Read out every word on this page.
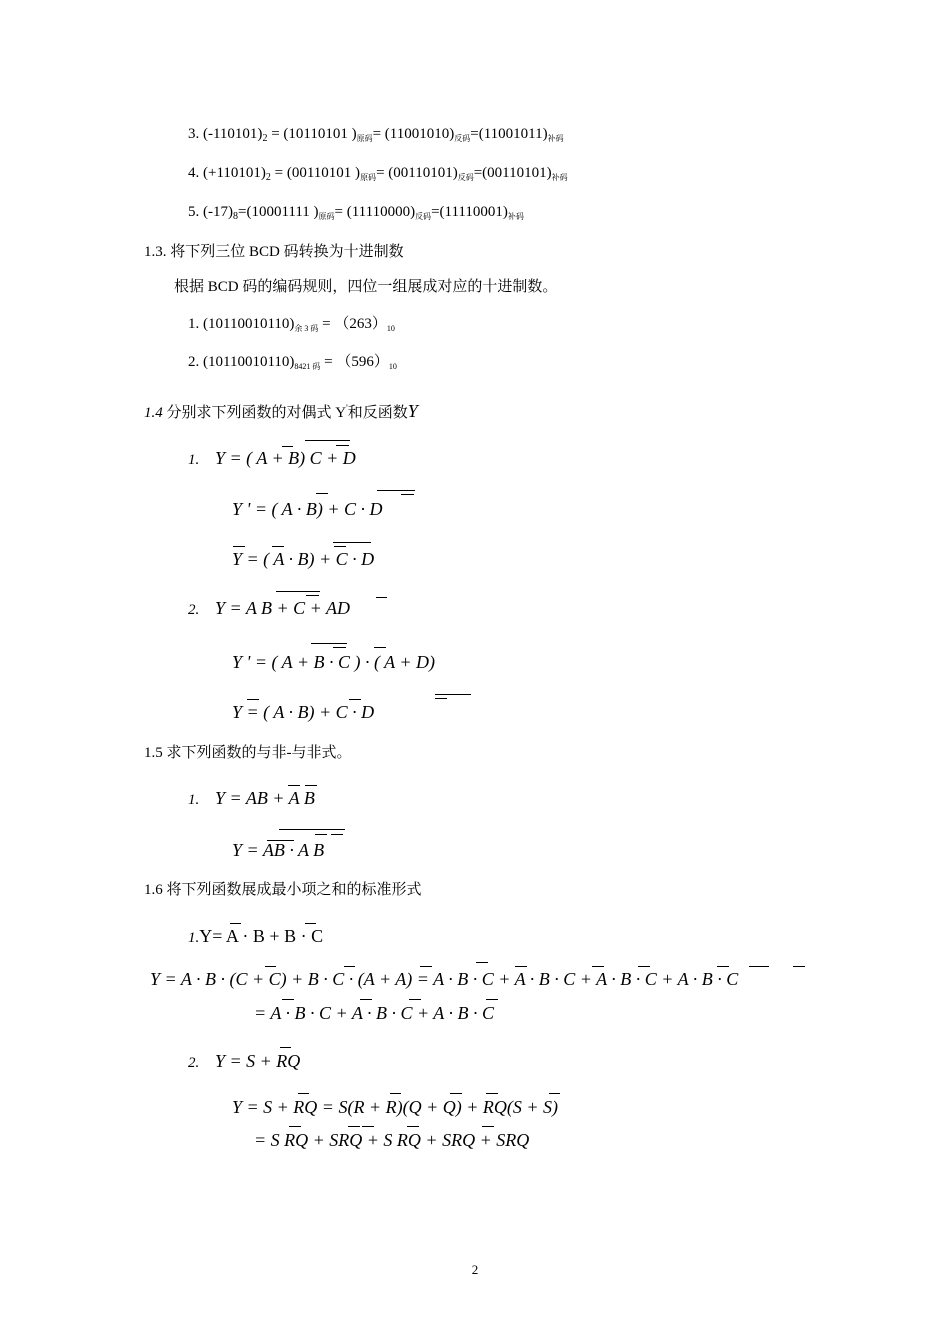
3. $(-110101)_2 = (10110101$ )$_{原码}= (11001010)_{反码}=(11001011)_{补码}$
4. $(+110101)_2 = (00110101$ )$_{原码}= (00110101)_{反码}=(00110101)_{补码}$
5. $(-17)_8=(10001111$ )$_{原码}= (11110000)_{反码}=(11110001)_{补码}$
1.3. 将下列三位 BCD 码转换为十进制数
根据 BCD 码的编码规则，四位一组展成对应的十进制数。
1. $(10110010110)_{余 3 码} = (263)_{10}$
2. $(10110010110)_{8421 码} = (596)_{10}$
1.4 分别求下列函数的对偶式 Y'和反函数Y
1. Y = ( A + B) C + D
Y ' = ( A · B) + C · D
Y = ( A · B) + C · D
2. Y = A B + C + AD
Y ' = ( A + B · C ) · ( A + D)
Y = ( A · B) + C · D
1.5 求下列函数的与非-与非式。
1. Y = AB + A B
Y = AB · A B
1.6 将下列函数展成最小项之和的标准形式
1.Y= A · B + B · C
Y = A · B · (C + C) + B · C · (A + A) = A · B · C + A · B · C + A · B · C + A · B · C
= A · B · C + A · B · C + A · B · C
2. Y = S + RQ
Y = S + RQ = S(R + R)(Q + Q) + RQ(S + S)
= S RQ + SRQ + S RQ + SRQ + SRQ
2
